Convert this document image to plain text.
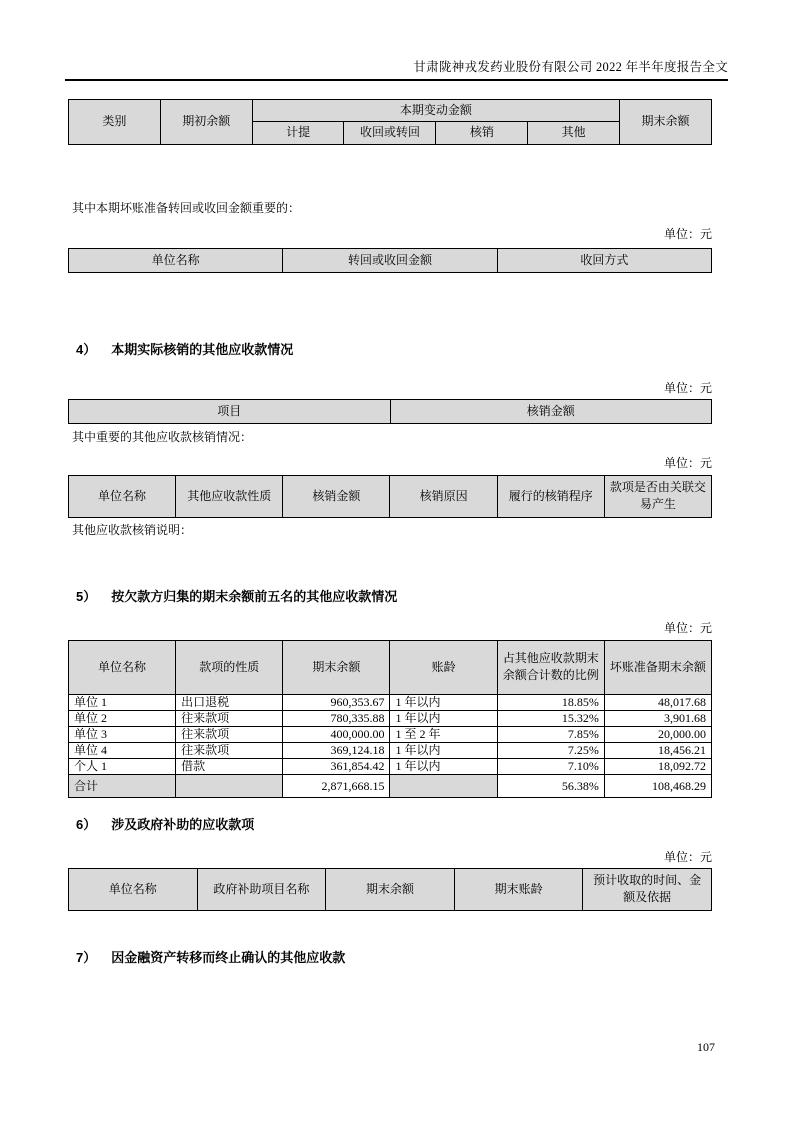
甘肃陇神戎发药业股份有限公司 2022 年半年度报告全文
类别	期初余额	本期变动金额				期末余额
		计提	收回或转回	核销	其他	

其中本期坏账准备转回或收回金额重要的：

单位：元
单位名称	转回或收回金额	收回方式
4） 本期实际核销的其他应收款情况
单位：元
项目	核销金额

其中重要的其他应收款核销情况：

单位：元
单位名称	其他应收款性质	核销金额	核销原因	履行的核销程序	款项是否由关联交易产生

其他应收款核销说明：

5） 按欠款方归集的期末余额前五名的其他应收款情况
单位：元
单位名称	款项的性质	期末余额	账龄	占其他应收款期末余额合计数的比例	坏账准备期末余额
单位 1	出口退税	960,353.67	1 年以内	18.85%	48,017.68
单位 2	往来款项	780,335.88	1 年以内	15.32%	3,901.68
单位 3	往来款项	400,000.00	1 至 2 年	7.85%	20,000.00
单位 4	往来款项	369,124.18	1 年以内	7.25%	18,456.21
个人 1	借款	361,854.42	1 年以内	7.10%	18,092.72
合计		2,871,668.15		56.38%	108,468.29
6） 涉及政府补助的应收款项
单位：元
单位名称	政府补助项目名称	期末余额	期末账龄	预计收取的时间、金额及依据
7） 因金融资产转移而终止确认的其他应收款
107
